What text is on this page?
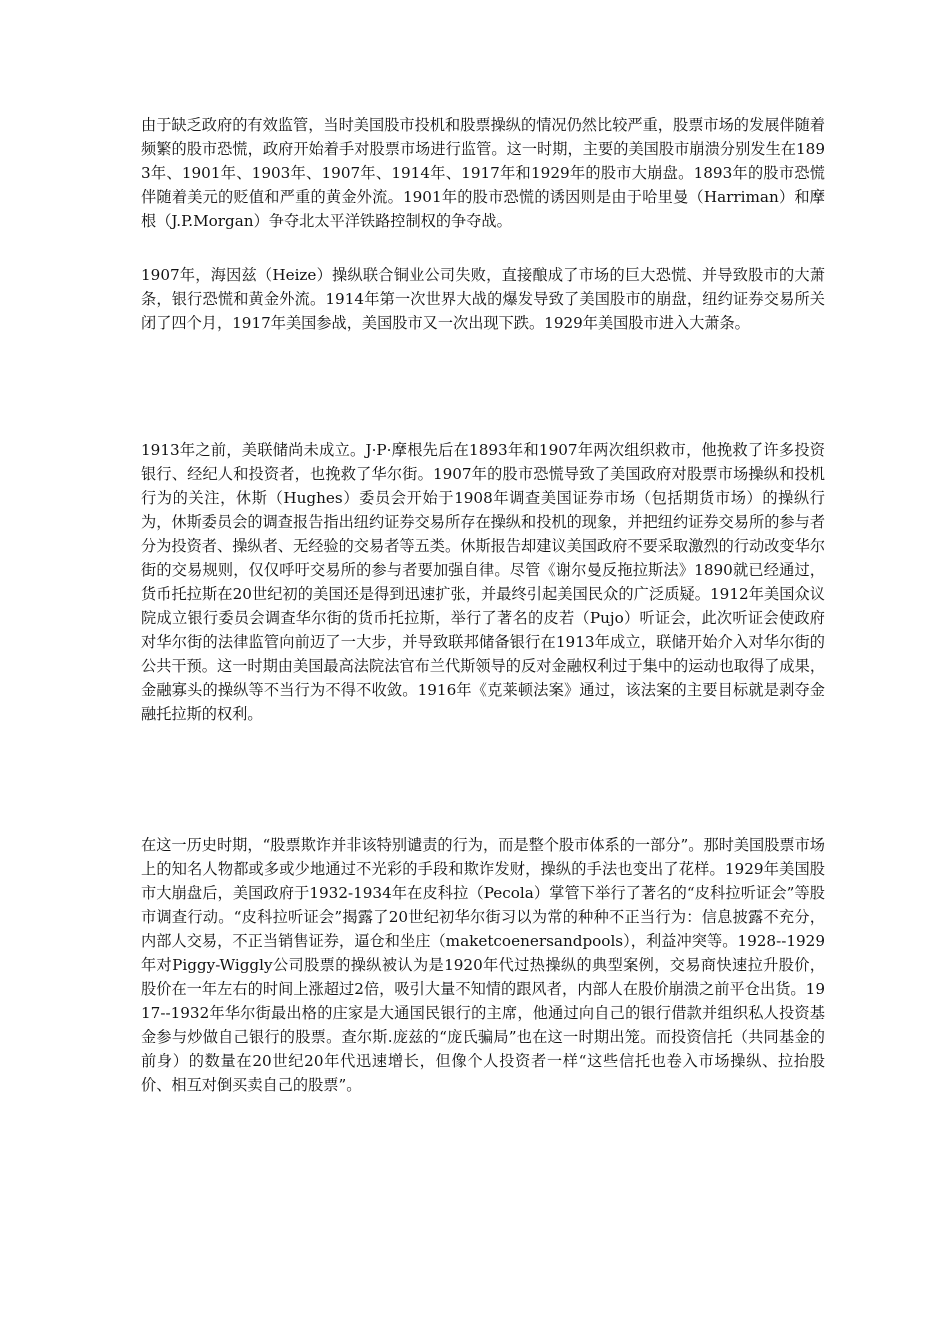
由于缺乏政府的有效监管，当时美国股市投机和股票操纵的情况仍然比较严重，股票市场的发展伴随着频繁的股市恐慌，政府开始着手对股票市场进行监管。这一时期，主要的美国股市崩溃分别发生在1893年、1901年、1903年、1907年、1914年、1917年和1929年的股市大崩盘。1893年的股市恐慌伴随着美元的贬值和严重的黄金外流。1901年的股市恐慌的诱因则是由于哈里曼（Harriman）和摩根（J.P.Morgan）争夺北太平洋铁路控制权的争夺战。

1907年，海因兹（Heize）操纵联合铜业公司失败，直接酿成了市场的巨大恐慌、并导致股市的大萧条，银行恐慌和黄金外流。1914年第一次世界大战的爆发导致了美国股市的崩盘，纽约证券交易所关闭了四个月，1917年美国参战，美国股市又一次出现下跌。1929年美国股市进入大萧条。

1913年之前，美联储尚未成立。J·P·摩根先后在1893年和1907年两次组织救市，他挽救了许多投资银行、经纪人和投资者，也挽救了华尔街。1907年的股市恐慌导致了美国政府对股票市场操纵和投机行为的关注，休斯（Hughes）委员会开始于1908年调查美国证券市场（包括期货市场）的操纵行为，休斯委员会的调查报告指出纽约证券交易所存在操纵和投机的现象，并把纽约证券交易所的参与者分为投资者、操纵者、无经验的交易者等五类。休斯报告却建议美国政府不要采取激烈的行动改变华尔街的交易规则，仅仅呼吁交易所的参与者要加强自律。尽管《谢尔曼反拖拉斯法》1890就已经通过，货币托拉斯在20世纪初的美国还是得到迅速扩张，并最终引起美国民众的广泛质疑。1912年美国众议院成立银行委员会调查华尔街的货币托拉斯，举行了著名的皮若（Pujo）听证会，此次听证会使政府对华尔街的法律监管向前迈了一大步，并导致联邦储备银行在1913年成立，联储开始介入对华尔街的公共干预。这一时期由美国最高法院法官布兰代斯领导的反对金融权利过于集中的运动也取得了成果，金融寡头的操纵等不当行为不得不收敛。1916年《克莱顿法案》通过，该法案的主要目标就是剥夺金融托拉斯的权利。

在这一历史时期，“股票欺诈并非该特别谴责的行为，而是整个股市体系的一部分”。那时美国股票市场上的知名人物都或多或少地通过不光彩的手段和欺诈发财，操纵的手法也变出了花样。1929年美国股市大崩盘后，美国政府于1932-1934年在皮科拉（Pecola）掌管下举行了著名的“皮科拉听证会”等股市调查行动。“皮科拉听证会”揭露了20世纪初华尔街习以为常的种种不正当行为：信息披露不充分，内部人交易，不正当销售证券，逼仓和坐庄（maketcoenersandpools），利益冲突等。1928--1929年对Piggy-Wiggly公司股票的操纵被认为是1920年代过热操纵的典型案例，交易商快速拉升股价，股价在一年左右的时间上涨超过2倍，吸引大量不知情的跟风者，内部人在股价崩溃之前平仓出货。1917--1932年华尔街最出格的庄家是大通国民银行的主席，他通过向自己的银行借款并组织私人投资基金参与炒做自己银行的股票。查尔斯.庞兹的“庞氏骗局”也在这一时期出笼。而投资信托（共同基金的前身）的数量在20世纪20年代迅速增长，但像个人投资者一样“这些信托也卷入市场操纵、拉抬股价、相互对倒买卖自己的股票”。
